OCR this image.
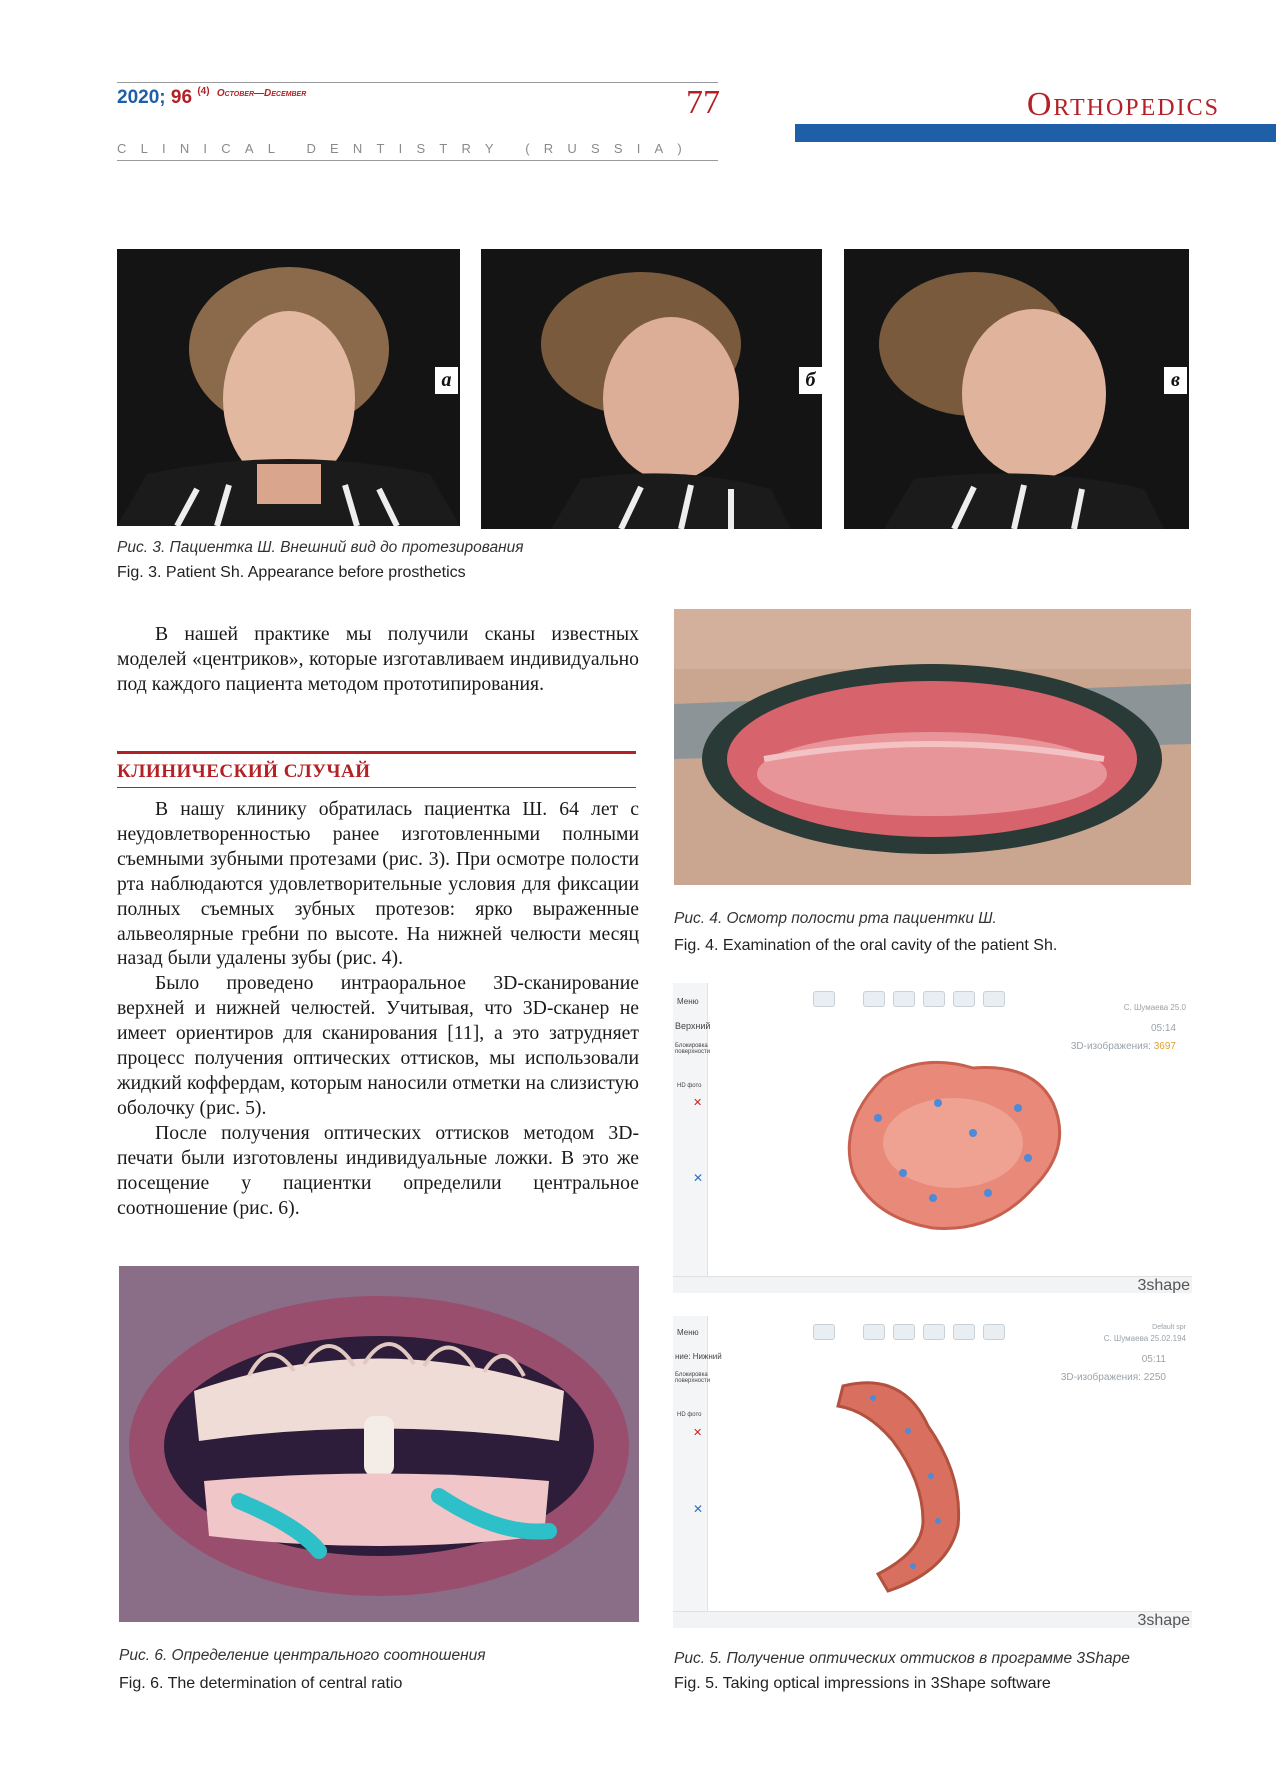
2020; 96 $^{(4)}$ $^{October—December}$	77
CLINICAL DENTISTRY (RUSSIA)
Orthopedics
а	б	в
Рис. 3. Пациентка Ш. Внешний вид до протезирования
Fig. 3. Patient Sh. Appearance before prosthetics

В нашей практике мы получили сканы известных моделей «центриков», которые изготавливаем индивидуально под каждого пациента методом прототипирования.

КЛИНИЧЕСКИЙ СЛУЧАЙ

В нашу клинику обратилась пациентка Ш. 64 лет с неудовлетворенностью ранее изготовленными полными съемными зубными протезами (рис. 3). При осмотре полости рта наблюдаются удовлетворительные условия для фиксации полных съемных зубных протезов: ярко выраженные альвеолярные гребни по высоте. На нижней челюсти месяц назад были удалены зубы (рис. 4).

Было проведено интраоральное 3D-сканирование верхней и нижней челюстей. Учитывая, что 3D-сканер не имеет ориентиров для сканирования [11], а это затрудняет процесс получения оптических оттисков, мы использовали жидкий коффердам, которым наносили отметки на слизистую оболочку (рис. 5).

После получения оптических оттисков методом 3D-печати были изготовлены индивидуальные ложки. В это же посещение у пациентки определили центральное соотношение (рис. 6).

Рис. 4. Осмотр полости рта пациентки Ш.
Fig. 4. Examination of the oral cavity of the patient Sh.
Меню
Верхний
Блокировка поверхности
HD фото
✕
✕
С. Шумаева 25.0
05:14
3D-изображения: 3697
3shape
Меню
ние: Нижний
Блокировка поверхности
HD фото
✕
✕
Default spr
С. Шумаева 25.02.194
05:11
3D-изображения: 2250
3shape
Рис. 5. Получение оптических оттисков в программе 3Shape
Fig. 5. Taking optical impressions in 3Shape software
Рис. 6. Определение центрального соотношения
Fig. 6. The determination of central ratio
